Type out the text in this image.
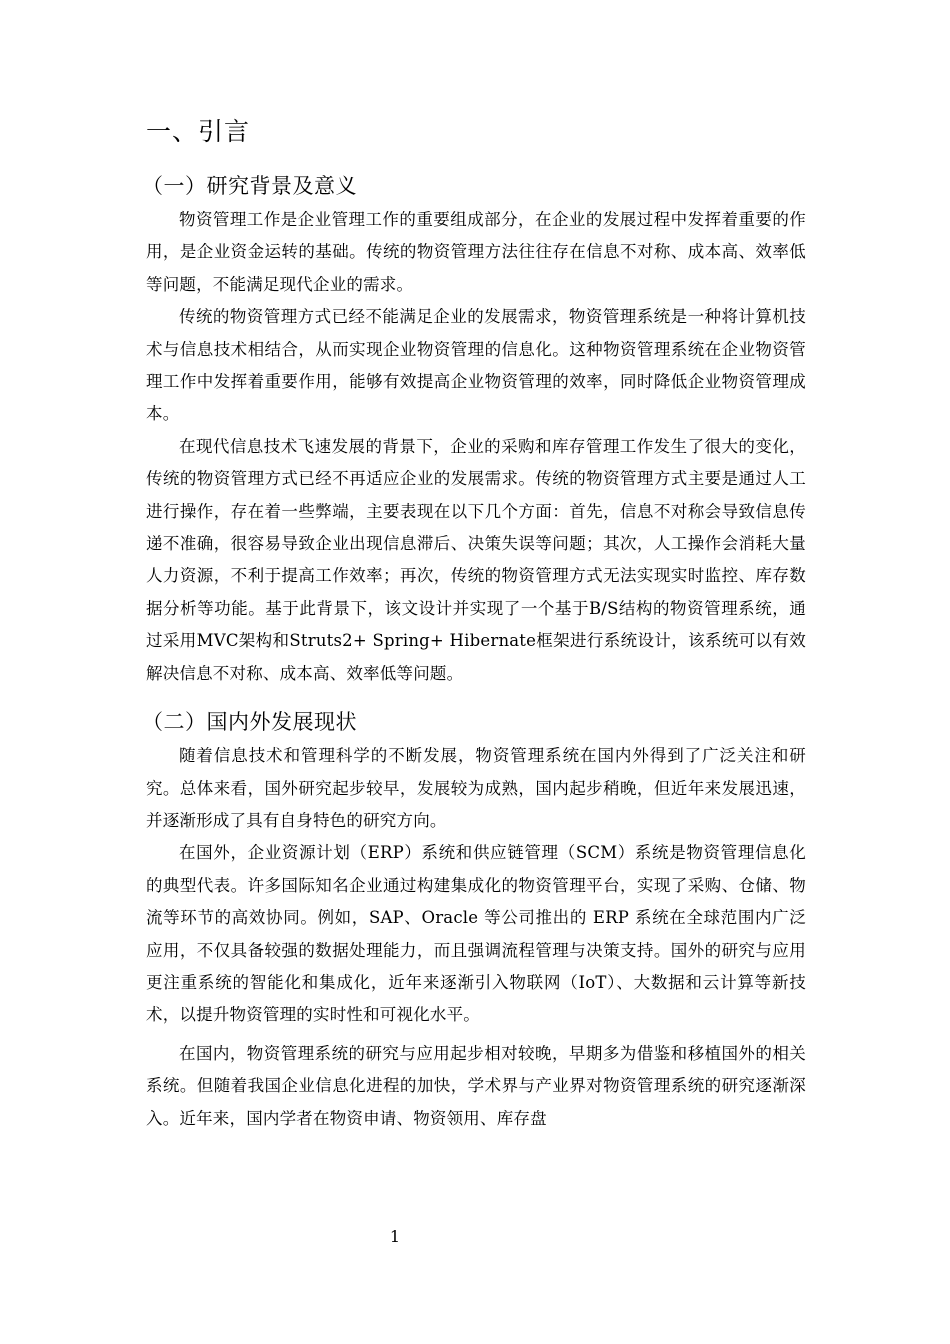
一、引言
（一）研究背景及意义

物资管理工作是企业管理工作的重要组成部分，在企业的发展过程中发挥着重要的作用，是企业资金运转的基础。传统的物资管理方法往往存在信息不对称、成本高、效率低等问题，不能满足现代企业的需求。

传统的物资管理方式已经不能满足企业的发展需求，物资管理系统是一种将计算机技术与信息技术相结合，从而实现企业物资管理的信息化。这种物资管理系统在企业物资管理工作中发挥着重要作用，能够有效提高企业物资管理的效率，同时降低企业物资管理成本。

在现代信息技术飞速发展的背景下，企业的采购和库存管理工作发生了很大的变化，传统的物资管理方式已经不再适应企业的发展需求。传统的物资管理方式主要是通过人工进行操作，存在着一些弊端，主要表现在以下几个方面：首先，信息不对称会导致信息传递不准确，很容易导致企业出现信息滞后、决策失误等问题；其次，人工操作会消耗大量人力资源，不利于提高工作效率；再次，传统的物资管理方式无法实现实时监控、库存数据分析等功能。基于此背景下，该文设计并实现了一个基于B/S结构的物资管理系统，通过采用MVC架构和Struts2+ Spring+ Hibernate框架进行系统设计，该系统可以有效解决信息不对称、成本高、效率低等问题。

（二）国内外发展现状

随着信息技术和管理科学的不断发展，物资管理系统在国内外得到了广泛关注和研究。总体来看，国外研究起步较早，发展较为成熟，国内起步稍晚，但近年来发展迅速，并逐渐形成了具有自身特色的研究方向。

在国外，企业资源计划（ERP）系统和供应链管理（SCM）系统是物资管理信息化的典型代表。许多国际知名企业通过构建集成化的物资管理平台，实现了采购、仓储、物流等环节的高效协同。例如，SAP、Oracle 等公司推出的 ERP 系统在全球范围内广泛应用，不仅具备较强的数据处理能力，而且强调流程管理与决策支持。国外的研究与应用更注重系统的智能化和集成化，近年来逐渐引入物联网（IoT）、大数据和云计算等新技术，以提升物资管理的实时性和可视化水平。

在国内，物资管理系统的研究与应用起步相对较晚，早期多为借鉴和移植国外的相关系统。但随着我国企业信息化进程的加快，学术界与产业界对物资管理系统的研究逐渐深入。近年来，国内学者在物资申请、物资领用、库存盘

1
